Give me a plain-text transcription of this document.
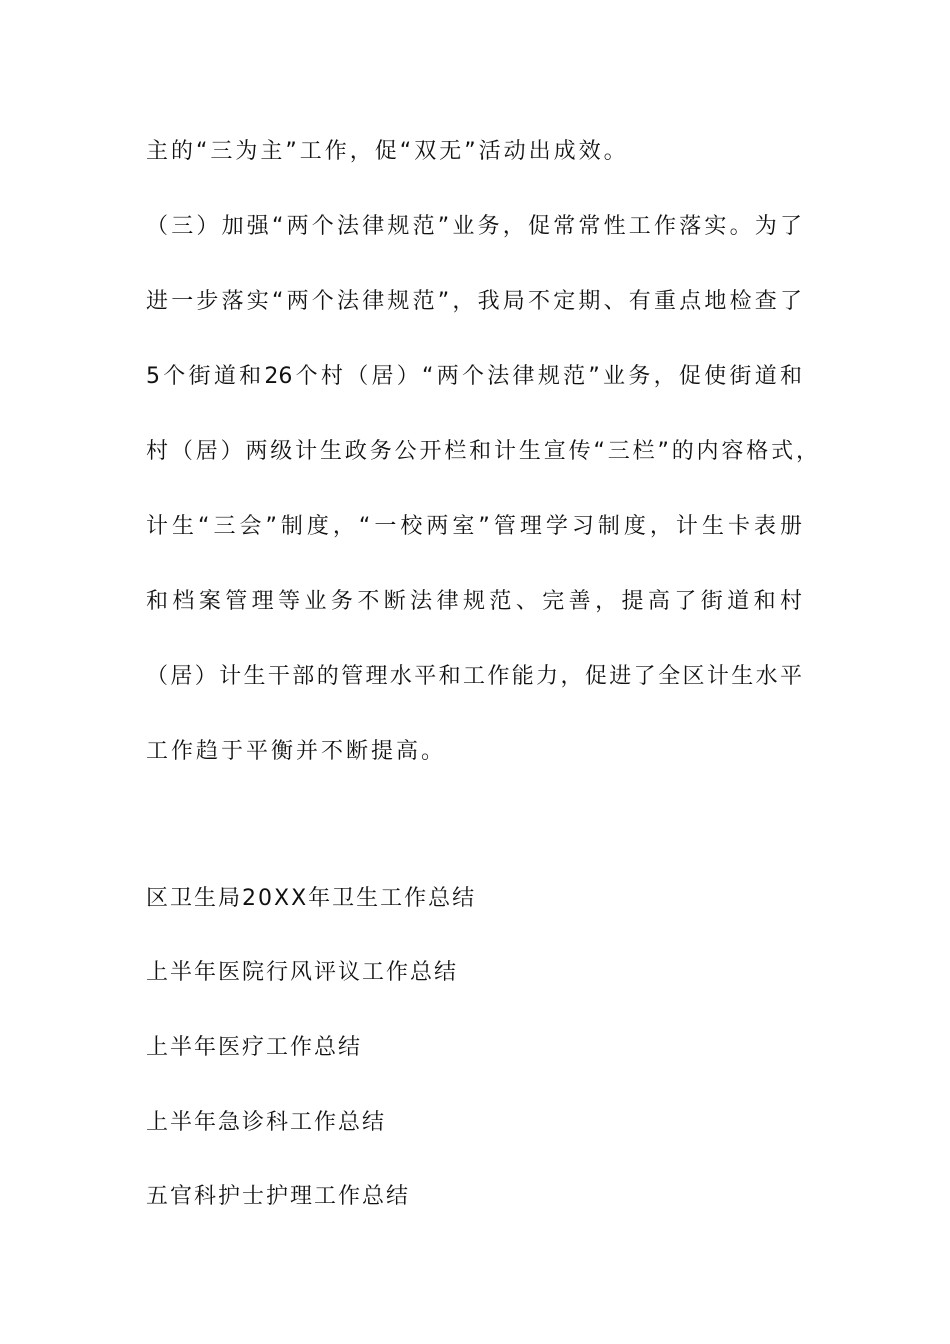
主的“三为主”工作，促“双无”活动出成效。
（三）加强“两个法律规范”业务，促常常性工作落实。为了
进一步落实“两个法律规范”，我局不定期、有重点地检查了
5个街道和26个村（居）“两个法律规范”业务，促使街道和
村（居）两级计生政务公开栏和计生宣传“三栏”的内容格式，
计生“三会”制度，“一校两室”管理学习制度，计生卡表册
和档案管理等业务不断法律规范、完善，提高了街道和村
（居）计生干部的管理水平和工作能力，促进了全区计生水平
工作趋于平衡并不断提高。
区卫生局20XX年卫生工作总结
上半年医院行风评议工作总结
上半年医疗工作总结
上半年急诊科工作总结
五官科护士护理工作总结
